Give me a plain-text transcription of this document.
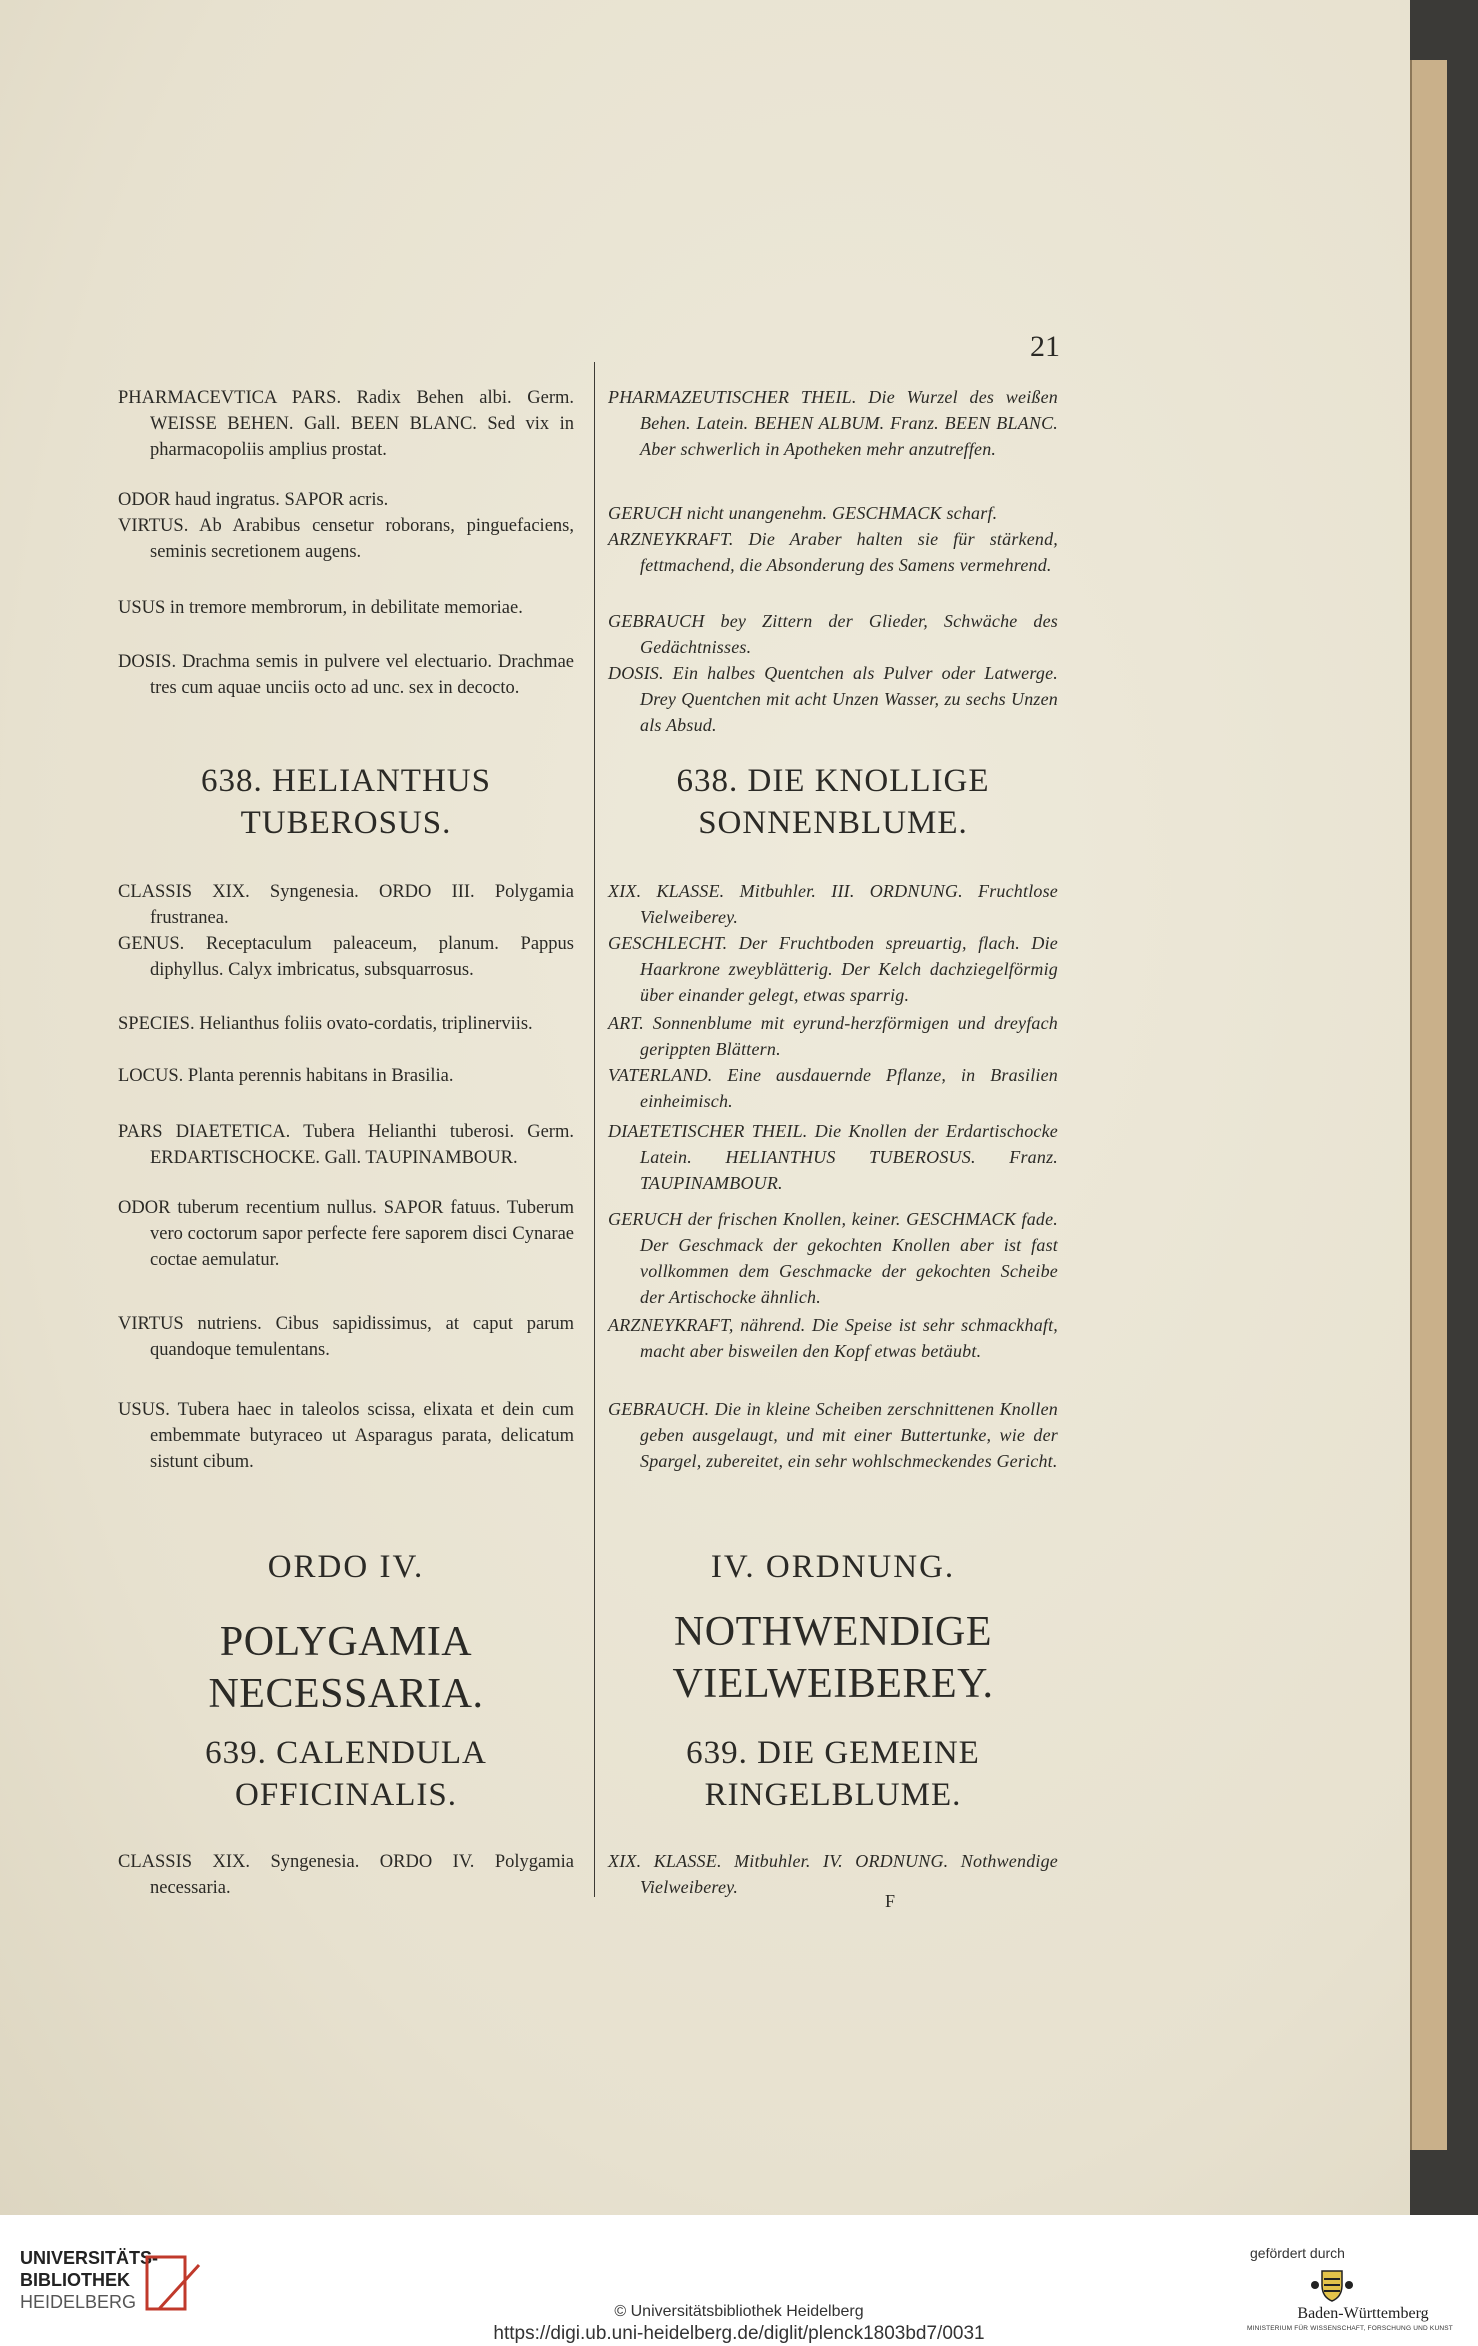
21

PHARMACEVTICA PARS. Radix Behen albi. Germ. WEISSE BEHEN. Gall. BEEN BLANC. Sed vix in pharmacopoliis amplius prostat.

ODOR haud ingratus. SAPOR acris.

VIRTUS. Ab Arabibus censetur roborans, pinguefaciens, seminis secretionem augens.

USUS in tremore membrorum, in debilitate memoriae.

DOSIS. Drachma semis in pulvere vel electuario. Drachmae tres cum aquae unciis octo ad unc. sex in decocto.

638. HELIANTHUS TUBEROSUS.

CLASSIS XIX. Syngenesia. ORDO III. Polygamia frustranea.

GENUS. Receptaculum paleaceum, planum. Pappus diphyllus. Calyx imbricatus, subsquarrosus.

SPECIES. Helianthus foliis ovato-cordatis, triplinerviis.

LOCUS. Planta perennis habitans in Brasilia.

PARS DIAETETICA. Tubera Helianthi tuberosi. Germ. ERDARTISCHOCKE. Gall. TAUPINAMBOUR.

ODOR tuberum recentium nullus. SAPOR fatuus. Tuberum vero coctorum sapor perfecte fere saporem disci Cynarae coctae aemulatur.

VIRTUS nutriens. Cibus sapidissimus, at caput parum quandoque temulentans.

USUS. Tubera haec in taleolos scissa, elixata et dein cum embemmate butyraceo ut Asparagus parata, delicatum sistunt cibum.

ORDO IV.
POLYGAMIA NECESSARIA.
639. CALENDULA OFFICINALIS.

CLASSIS XIX. Syngenesia. ORDO IV. Polygamia necessaria.

PHARMAZEUTISCHER THEIL. Die Wurzel des weißen Behen. Latein. BEHEN ALBUM. Franz. BEEN BLANC. Aber schwerlich in Apotheken mehr anzutreffen.

GERUCH nicht unangenehm. GESCHMACK scharf.

ARZNEYKRAFT. Die Araber halten sie für stärkend, fettmachend, die Absonderung des Samens vermehrend.

GEBRAUCH bey Zittern der Glieder, Schwäche des Gedächtnisses.

DOSIS. Ein halbes Quentchen als Pulver oder Latwerge. Drey Quentchen mit acht Unzen Wasser, zu sechs Unzen als Absud.

638. DIE KNOLLIGE SONNENBLUME.

XIX. KLASSE. Mitbuhler. III. ORDNUNG. Fruchtlose Vielweiberey.

GESCHLECHT. Der Fruchtboden spreuartig, flach. Die Haarkrone zweyblätterig. Der Kelch dachziegelförmig über einander gelegt, etwas sparrig.

ART. Sonnenblume mit eyrund-herzförmigen und dreyfach gerippten Blättern.

VATERLAND. Eine ausdauernde Pflanze, in Brasilien einheimisch.

DIAETETISCHER THEIL. Die Knollen der Erdartischocke Latein. HELIANTHUS TUBEROSUS. Franz. TAUPINAMBOUR.

GERUCH der frischen Knollen, keiner. GESCHMACK fade. Der Geschmack der gekochten Knollen aber ist fast vollkommen dem Geschmacke der gekochten Scheibe der Artischocke ähnlich.

ARZNEYKRAFT, nährend. Die Speise ist sehr schmackhaft, macht aber bisweilen den Kopf etwas betäubt.

GEBRAUCH. Die in kleine Scheiben zerschnittenen Knollen geben ausgelaugt, und mit einer Buttertunke, wie der Spargel, zubereitet, ein sehr wohlschmeckendes Gericht.

IV. ORDNUNG.
NOTHWENDIGE VIELWEIBEREY.
639. DIE GEMEINE RINGELBLUME.

XIX. KLASSE. Mitbuhler. IV. ORDNUNG. Nothwendige Vielweiberey.

F
UNIVERSITÄTS-
BIBLIOTHEK
HEIDELBERG	© Universitätsbibliothek Heidelberg
https://digi.ub.uni-heidelberg.de/diglit/plenck1803bd7/0031
gefördert durch
Baden-Württemberg
MINISTERIUM FÜR WISSENSCHAFT, FORSCHUNG UND KUNST
